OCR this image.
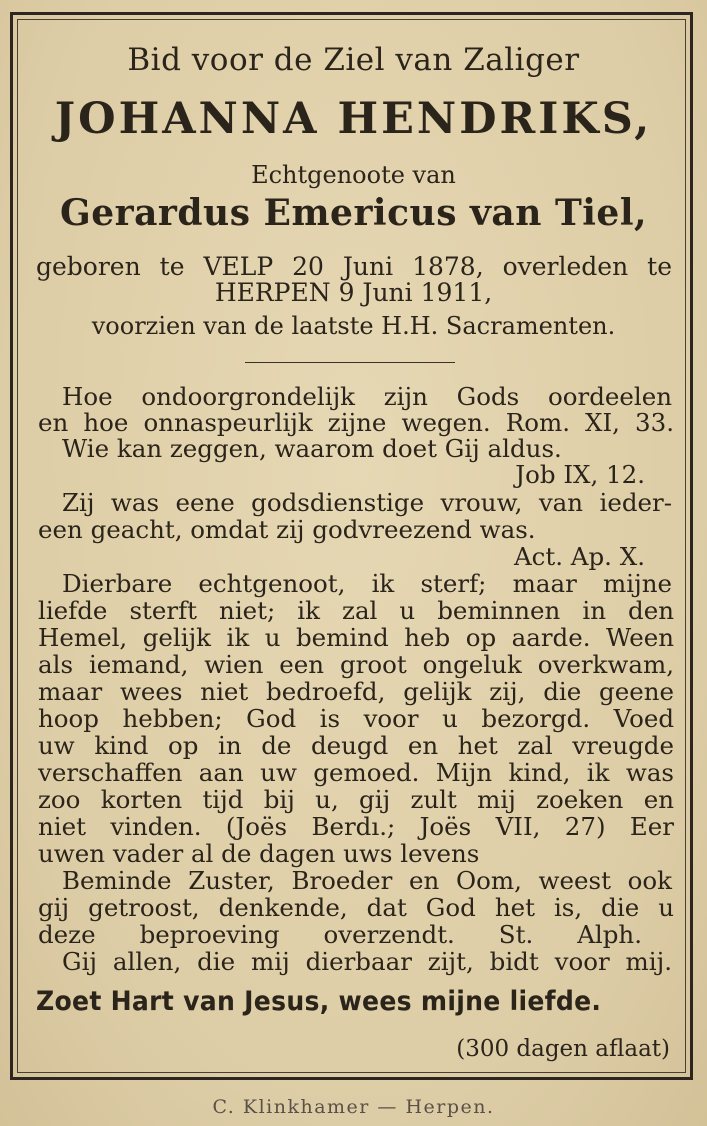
Bid voor de Ziel van Zaliger
JOHANNA HENDRIKS,
Echtgenoote van
Gerardus Emericus van Tiel,
geboren te VELP 20 Juni 1878, overleden te
HERPEN 9 Juni 1911,
voorzien van de laatste H.H. Sacramenten.
Hoe ondoorgrondelijk zijn Gods oordeelen
en hoe onnaspeurlijk zijne wegen. Rom. XI, 33.
Wie kan zeggen, waarom doet Gij aldus.
Job IX, 12.
Zij was eene godsdienstige vrouw, van ieder-
een geacht, omdat zij godvreezend was.
Act. Ap. X.
Dierbare echtgenoot, ik sterf; maar mijne
liefde sterft niet; ik zal u beminnen in den
Hemel, gelijk ik u bemind heb op aarde. Ween
als iemand, wien een groot ongeluk overkwam,
maar wees niet bedroefd, gelijk zij, die geene
hoop hebben; God is voor u bezorgd. Voed
uw kind op in de deugd en het zal vreugde
verschaffen aan uw gemoed. Mijn kind, ik was
zoo korten tijd bij u, gij zult mij zoeken en
niet vinden. (Joës Berdı.; Joës VII, 27) Eer
uwen vader al de dagen uws levens
Beminde Zuster, Broeder en Oom, weest ook
gij getroost, denkende, dat God het is, die u
deze beproeving overzendt. St. Alph.
Gij allen, die mij dierbaar zijt, bidt voor mij.
Zoet Hart van Jesus, wees mijne liefde.
(300 dagen aflaat)
C. Klinkhamer — Herpen.
